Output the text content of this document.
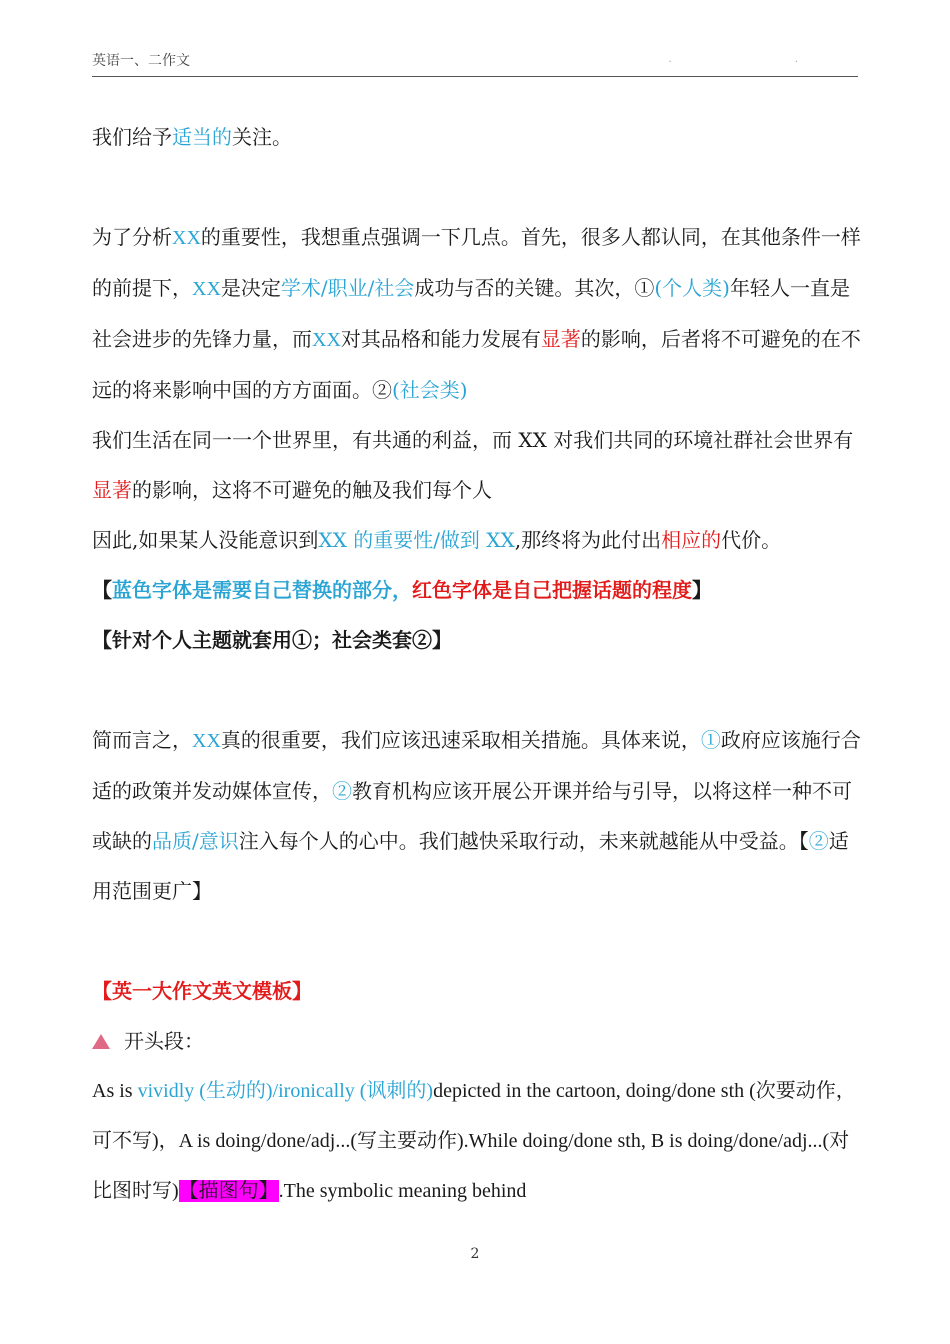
英语一、二作文	. .

我们给予适当的关注。

为了分析XX的重要性，我想重点强调一下几点。首先，很多人都认同，在其他条件一样的前提下，XX是决定学术/职业/社会成功与否的关键。其次，①(个人类)年轻人一直是社会进步的先锋力量，而XX对其品格和能力发展有显著的影响，后者将不可避免的在不远的将来影响中国的方方面面。②(社会类)
我们生活在同一一个世界里，有共通的利益，而 XX 对我们共同的环境社群社会世界有显著的影响，这将不可避免的触及我们每个人

因此,如果某人没能意识到XX 的重要性/做到 XX,那终将为此付出相应的代价。

【蓝色字体是需要自己替换的部分，红色字体是自己把握话题的程度】

【针对个人主题就套用①；社会类套②】

简而言之，XX真的很重要，我们应该迅速采取相关措施。具体来说，①政府应该施行合适的政策并发动媒体宣传，②教育机构应该开展公开课并给与引导，以将这样一种不可或缺的品质/意识注入每个人的心中。我们越快采取行动，未来就越能从中受益。【②适用范围更广】

【英一大作文英文模板】

开头段：

As is vividly (生动的)/ironically (讽刺的)depicted in the cartoon, doing/done sth (次要动作，可不写)，A is doing/done/adj...(写主要动作).While doing/done sth, B is doing/done/adj...(对比图时写)【描图句】.The symbolic meaning behind

2
